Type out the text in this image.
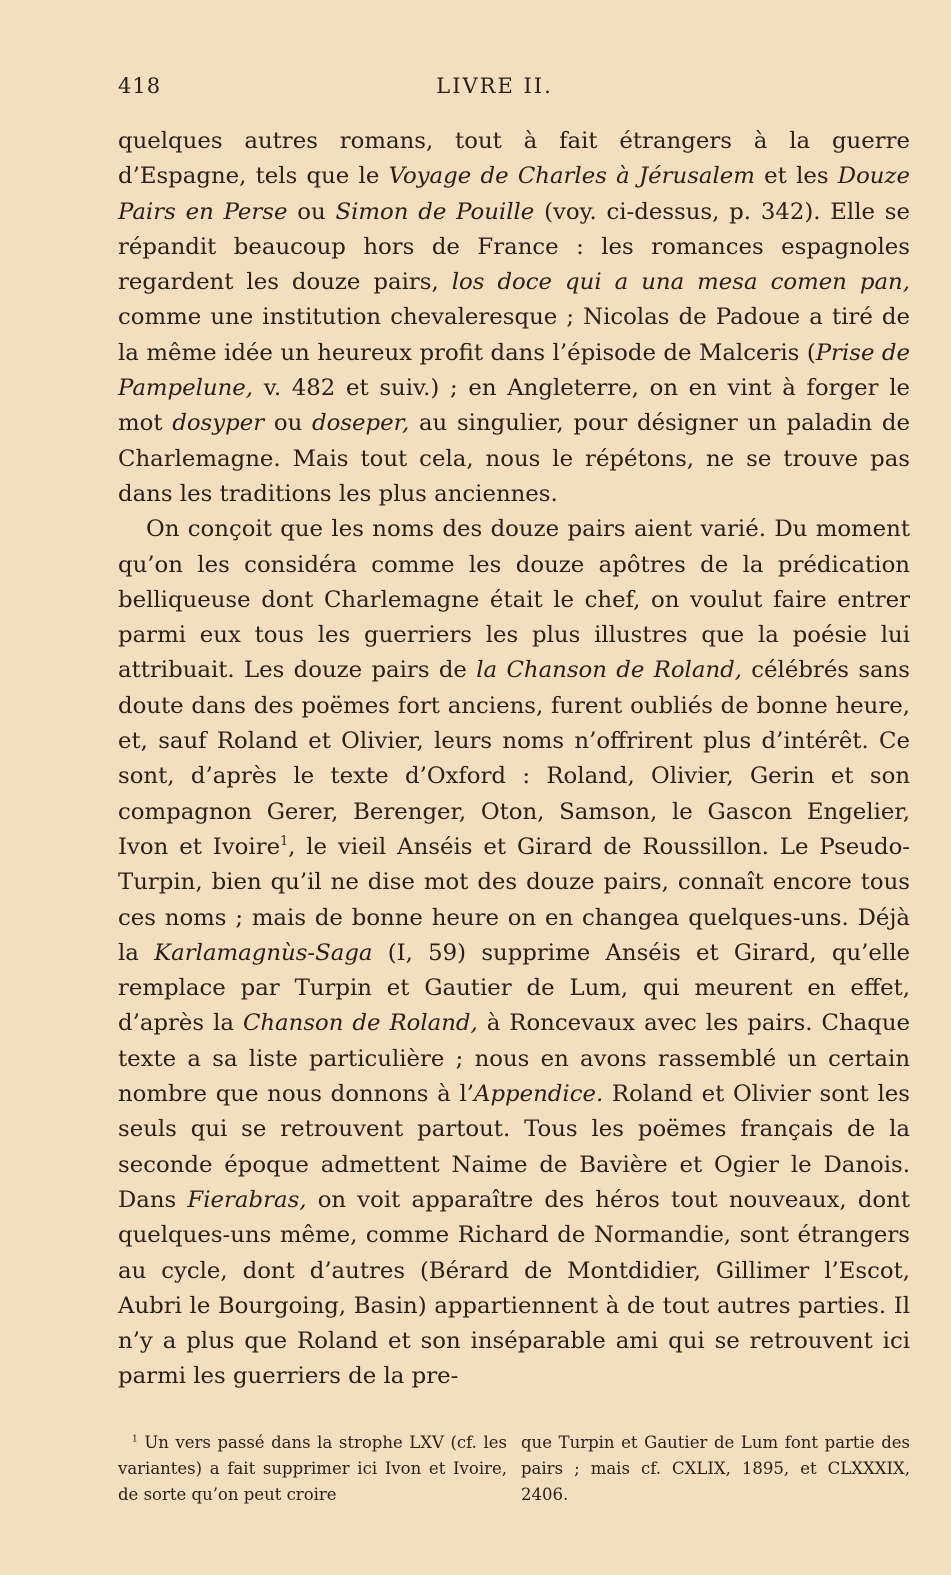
418	LIVRE II.

quelques autres romans, tout à fait étrangers à la guerre d’Espagne, tels que le Voyage de Charles à Jérusalem et les Douze Pairs en Perse ou Simon de Pouille (voy. ci-dessus, p. 342). Elle se répandit beaucoup hors de France : les romances espagnoles regardent les douze pairs, los doce qui a una mesa comen pan, comme une institution chevaleresque ; Nicolas de Padoue a tiré de la même idée un heureux profit dans l’épisode de Malceris (Prise de Pampelune, v. 482 et suiv.) ; en Angleterre, on en vint à forger le mot dosyper ou doseper, au singulier, pour désigner un paladin de Charlemagne. Mais tout cela, nous le répétons, ne se trouve pas dans les traditions les plus anciennes.

On conçoit que les noms des douze pairs aient varié. Du moment qu’on les considéra comme les douze apôtres de la prédication belliqueuse dont Charlemagne était le chef, on voulut faire entrer parmi eux tous les guerriers les plus illustres que la poésie lui attribuait. Les douze pairs de la Chanson de Roland, célébrés sans doute dans des poëmes fort anciens, furent oubliés de bonne heure, et, sauf Roland et Olivier, leurs noms n’offrirent plus d’intérêt. Ce sont, d’après le texte d’Oxford : Roland, Olivier, Gerin et son compagnon Gerer, Berenger, Oton, Samson, le Gascon Engelier, Ivon et Ivoire$^1$, le vieil Anséis et Girard de Roussillon. Le Pseudo-Turpin, bien qu’il ne dise mot des douze pairs, connaît encore tous ces noms ; mais de bonne heure on en changea quelques-uns. Déjà la Karlamagnùs-Saga (I, 59) supprime Anséis et Girard, qu’elle remplace par Turpin et Gautier de Lum, qui meurent en effet, d’après la Chanson de Roland, à Roncevaux avec les pairs. Chaque texte a sa liste particulière ; nous en avons rassemblé un certain nombre que nous donnons à l’Appendice. Roland et Olivier sont les seuls qui se retrouvent partout. Tous les poëmes français de la seconde époque admettent Naime de Bavière et Ogier le Danois. Dans Fierabras, on voit apparaître des héros tout nouveaux, dont quelques-uns même, comme Richard de Normandie, sont étrangers au cycle, dont d’autres (Bérard de Montdidier, Gillimer l’Escot, Aubri le Bourgoing, Basin) appartiennent à de tout autres parties. Il n’y a plus que Roland et son inséparable ami qui se retrouvent ici parmi les guerriers de la pre-

$^1$ Un vers passé dans la strophe LXV (cf. les variantes) a fait supprimer ici Ivon et Ivoire, de sorte qu’on peut croire

que Turpin et Gautier de Lum font partie des pairs ; mais cf. CXLIX, 1895, et CLXXXIX, 2406.
